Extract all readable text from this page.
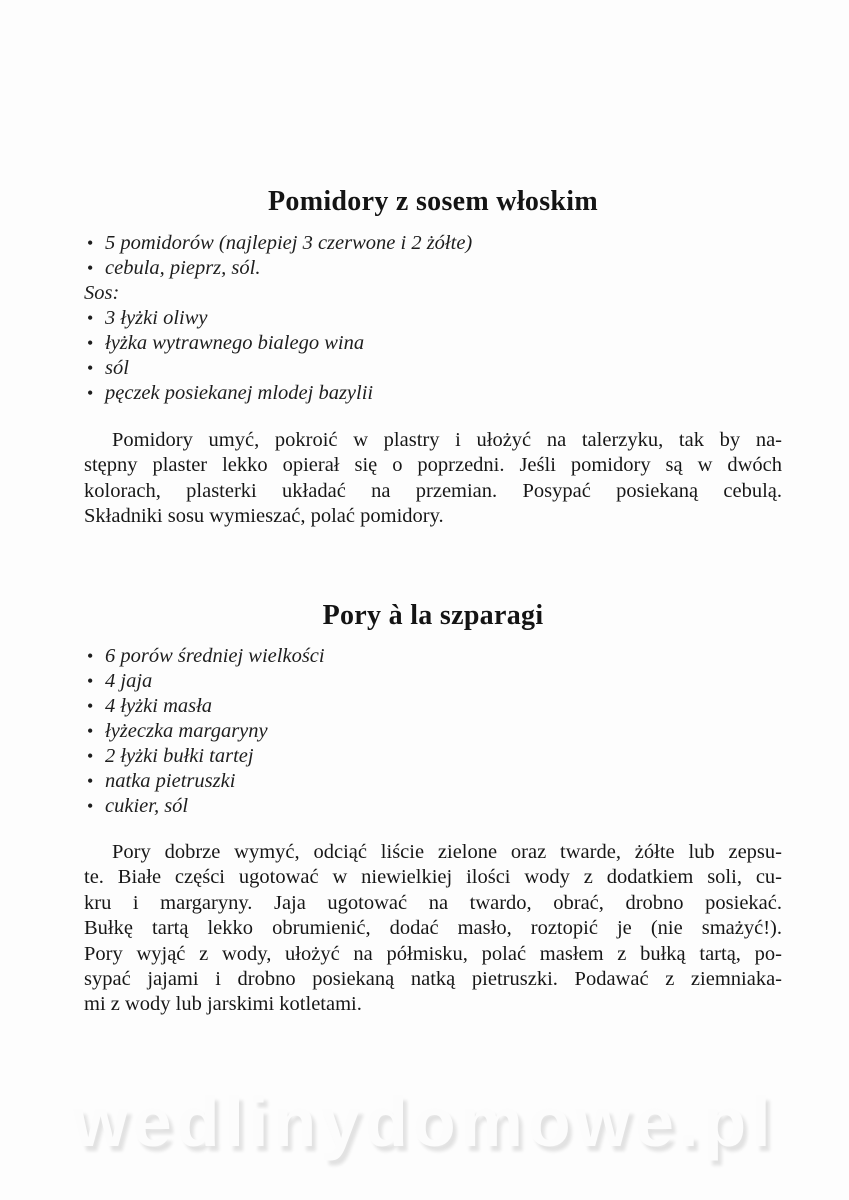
Pomidory z sosem włoskim
• 5 pomidorów (najlepiej 3 czerwone i 2 żółte)
• cebula, pieprz, sól.
Sos:
• 3 łyżki oliwy
• łyżka wytrawnego bialego wina
• sól
• pęczek posiekanej mlodej bazylii
Pomidory umyć, pokroić w plastry i ułożyć na talerzyku, tak by na-
stępny plaster lekko opierał się o poprzedni. Jeśli pomidory są w dwóch
kolorach, plasterki układać na przemian. Posypać posiekaną cebulą.
Składniki sosu wymieszać, polać pomidory.
Pory à la szparagi
• 6 porów średniej wielkości
• 4 jaja
• 4 łyżki masła
• łyżeczka margaryny
• 2 łyżki bułki tartej
• natka pietruszki
• cukier, sól
Pory dobrze wymyć, odciąć liście zielone oraz twarde, żółte lub zepsu-
te. Białe części ugotować w niewielkiej ilości wody z dodatkiem soli, cu-
kru i margaryny. Jaja ugotować na twardo, obrać, drobno posiekać.
Bułkę tartą lekko obrumienić, dodać masło, roztopić je (nie smażyć!).
Pory wyjąć z wody, ułożyć na półmisku, polać masłem z bułką tartą, po-
sypać jajami i drobno posiekaną natką pietruszki. Podawać z ziemniaka-
mi z wody lub jarskimi kotletami.
wedlinydomowe.pl
